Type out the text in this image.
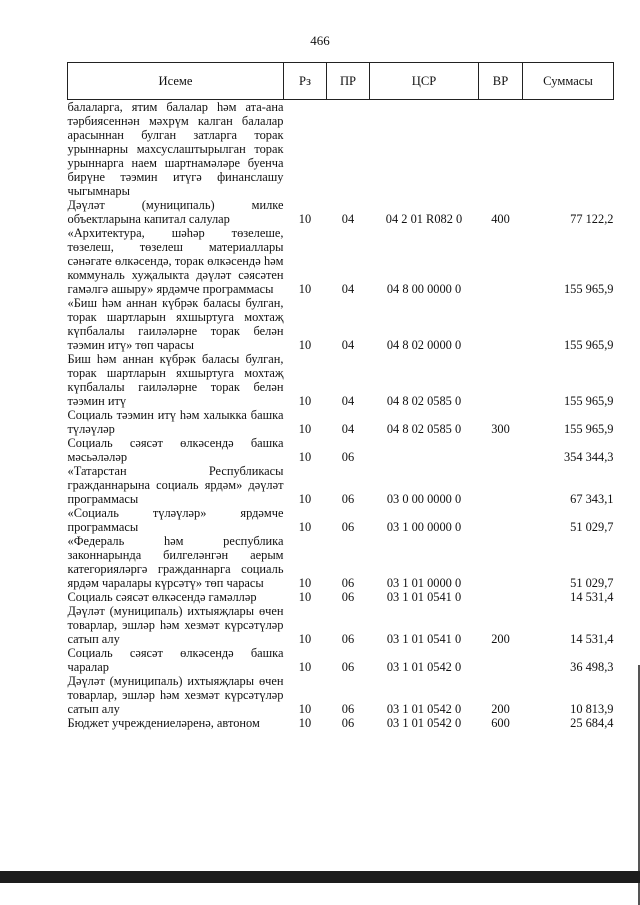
466
Исеме	Рз	ПР	ЦСР	ВР	Суммасы
балаларга, ятим балалар һәм ата-ана тәрбиясеннән мәхрүм калган балалар арасыннан булган затларга торак урыннарны махсуслаштырылган торак урыннарга наем шартнамәләре буенча бирүне тәэмин итүгә финанслашу чыгымнары					
Дәүләт (муниципаль) милке объектларына капитал салулар	10	04	04 2 01 R082 0	400	77 122,2
«Архитектура, шәһәр төзелеше, төзелеш, төзелеш материаллары сәнәгате өлкәсендә, торак өлкәсендә һәм коммуналь хуҗалыкта дәүләт сәясәтен гамәлгә ашыру» ярдәмче программасы	10	04	04 8 00 0000 0		155 965,9
«Биш һәм аннан күбрәк баласы булган, торак шартларын яхшыртуга мохтаҗ күпбалалы гаиләләрне торак белән тәэмин итү» төп чарасы	10	04	04 8 02 0000 0		155 965,9
Биш һәм аннан күбрәк баласы булган, торак шартларын яхшыртуга мохтаҗ күпбалалы гаиләләрне торак белән тәэмин итү	10	04	04 8 02 0585 0		155 965,9
Социаль тәэмин итү һәм халыкка башка түләүләр	10	04	04 8 02 0585 0	300	155 965,9
Социаль сәясәт өлкәсендә башка мәсьәләләр	10	06			354 344,3
«Татарстан Республикасы гражданнарына социаль ярдәм» дәүләт программасы	10	06	03 0 00 0000 0		67 343,1
«Социаль түләүләр» ярдәмче программасы	10	06	03 1 00 0000 0		51 029,7
«Федераль һәм республика законнарында билгеләнгән аерым категорияләргә гражданнарга социаль ярдәм чаралары күрсәтү» төп чарасы	10	06	03 1 01 0000 0		51 029,7
Социаль сәясәт өлкәсендә гамәлләр	10	06	03 1 01 0541 0		14 531,4
Дәүләт (муниципаль) ихтыяҗлары өчен товарлар, эшләр һәм хезмәт күрсәтүләр сатып алу	10	06	03 1 01 0541 0	200	14 531,4
Социаль сәясәт өлкәсендә башка чаралар	10	06	03 1 01 0542 0		36 498,3
Дәүләт (муниципаль) ихтыяҗлары өчен товарлар, эшләр һәм хезмәт күрсәтүләр сатып алу	10	06	03 1 01 0542 0	200	10 813,9
Бюджет учреждениеләренә, автоном	10	06	03 1 01 0542 0	600	25 684,4
